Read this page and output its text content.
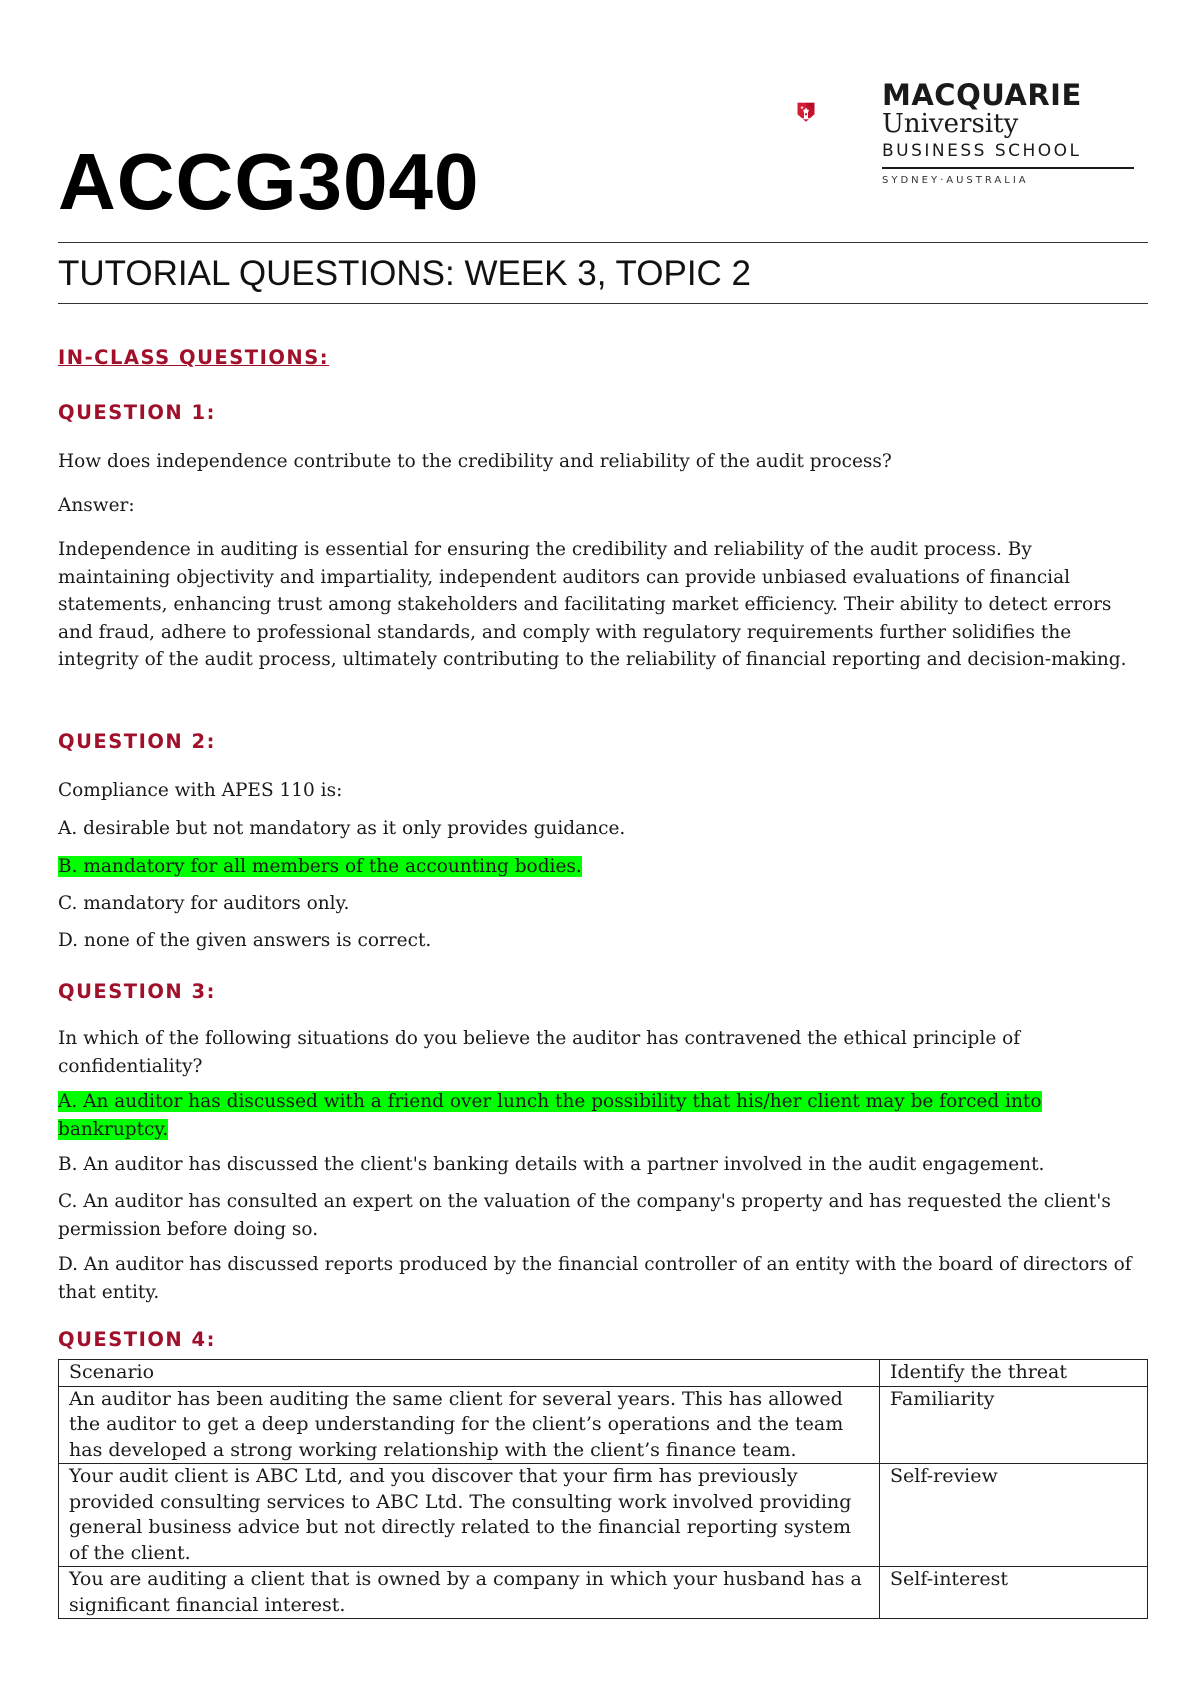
MACQUARIE
University
BUSINESS SCHOOL
SYDNEY·AUSTRALIA
ACCG3040
TUTORIAL QUESTIONS: WEEK 3, TOPIC 2
IN-CLASS QUESTIONS:
QUESTION 1:
How does independence contribute to the credibility and reliability of the audit process?
Answer:
Independence in auditing is essential for ensuring the credibility and reliability of the audit process. By maintaining objectivity and impartiality, independent auditors can provide unbiased evaluations of financial statements, enhancing trust among stakeholders and facilitating market efficiency. Their ability to detect errors and fraud, adhere to professional standards, and comply with regulatory requirements further solidifies the integrity of the audit process, ultimately contributing to the reliability of financial reporting and decision-making.
QUESTION 2:
Compliance with APES 110 is:
A. desirable but not mandatory as it only provides guidance.
B. mandatory for all members of the accounting bodies.
C. mandatory for auditors only.
D. none of the given answers is correct.
QUESTION 3:
In which of the following situations do you believe the auditor has contravened the ethical principle of confidentiality?
A. An auditor has discussed with a friend over lunch the possibility that his/her client may be forced into bankruptcy.
B. An auditor has discussed the client's banking details with a partner involved in the audit engagement.
C. An auditor has consulted an expert on the valuation of the company's property and has requested the client's permission before doing so.
D. An auditor has discussed reports produced by the financial controller of an entity with the board of directors of that entity.
QUESTION 4:
Scenario	Identify the threat
An auditor has been auditing the same client for several years. This has allowed the auditor to get a deep understanding for the client’s operations and the team has developed a strong working relationship with the client’s finance team.	Familiarity
Your audit client is ABC Ltd, and you discover that your firm has previously provided consulting services to ABC Ltd. The consulting work involved providing general business advice but not directly related to the financial reporting system of the client.	Self-review
You are auditing a client that is owned by a company in which your husband has a significant financial interest.	Self-interest
